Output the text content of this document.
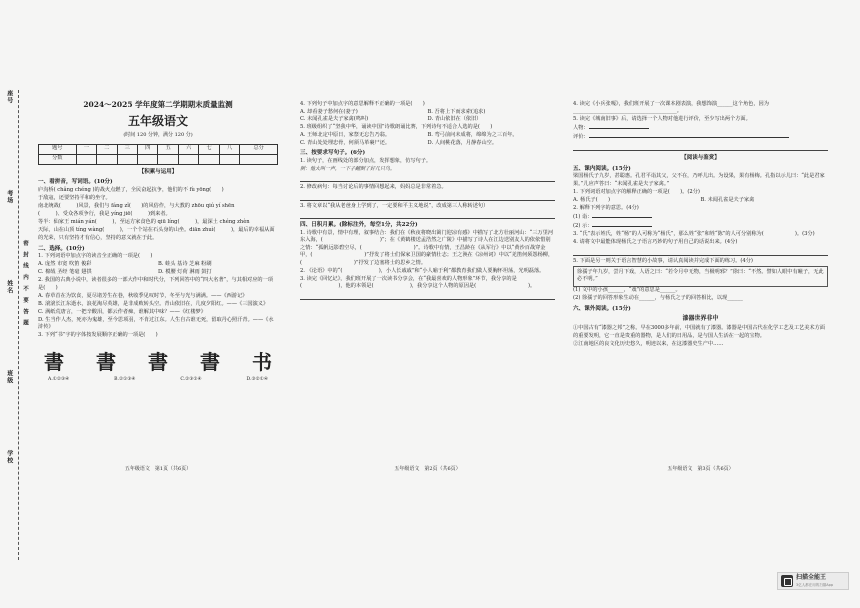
座号
考场
姓名
班级
学校
密 封 线 内 不 要 答 题
2024～2025 学年度第二学期期末质量监测
五年级语文
(时间 120 分钟，满分 120 分)
题号	一	二	三	四	五	六	七	八	总分
分数									
【积累与运用】
一、看拼音，写词语。(10分)

庐沟桥( chǎng chéng )的战火点燃了，全民奋起抗争，他们的不 fù yōng(　　)

于敌寇，还要坚持平和的坐守。

南北统战(　　　)风景，我们与 fáng zǐ(　　)的风俗作，与大教的 zhōu qiú yí shēn

(　　　)、受众各项争行，我是 yíng jiē(　　　)到来者。

等半：仙家王 mián yán(　　　)，至运方家食色的 qiū líng(　　　)，最深土 chéng zhèn

天际，山在山顶 tíng wàng(　　　)，一个个站在石头身的山坐。diān zhuì(　　　)，最后的幸福从面

的光荣，只有坚持才有信心，坚持的意义就在于此。

二、选择。(10分)

1. 下列词语中加点字的读音全正确的一项是(　　)

A. 庞然 市宽 吹笛 俊彩	B. 蛙头 基诗 芝麻 粉刷
C. 棉绒 圣经 笔毫 翅拱	D. 模腰 灯荷 淋雨 鼓打

2. 我国的古典小说中，读者很多的一部大作中和时代分，下列回答中的“四大名著”，与其相对应的一项是(　　)

A. 春草首在为饮食，夏尽诸芳生在巷，秋收季见叹时节，冬至与光与满满。——《西游记》

B. 滚滚长江东逝水，浪花淘尽英雄，是非成败转头空。青山依旧在，几度夕阳红。——《三国演义》

C. 满纸荒唐言，一把辛酸泪，都云作者痴，谁解其中味？——《红楼梦》

D. 生当作人杰，死亦为鬼雄，至今思项羽，不肯过江东。人生自古谁无死，留取丹心照汗青。——《水浒传》

3. 下列“书”字的字体按发展顺序正确的一项是(　　)

書 書 書 書 书
A.①②③④	B.②①③④	C.②③①④	D.③②①④

4. 下列句子中加点字的意思解释不正确的一项是(　　)

A. 却看妻子愁何在(妻子)	B. 吾将上下而求索(追求)
C. 未闻孔雀是夫子家禽(鸣叫)	D. 青山依旧在（依旧）

5. 班级组织了“坚我中华，诵读中国”诗歌朗诵比赛，下列诗句不适合人选的是(　　)

A. 王师北定中原日，家祭无忘告乃翁。	B. 弯弓前问未成将，绵绵为之三百年。
C. 青山处处埋忠骨，何须马革裹尸还。	D. 人间桃花落，月静春山空。
三、按要求写句子。(6分)

1. 读句子，在画线处的部分加点，发挥想象，仿写句子。

例：他大叫一声，一下子翻倒了好几只鸟。

2. 修改病句：每当讨论后的事情回想起来，妈妈总是非常着急。

3. 将文章以“我从老爸身上学到了，一定要和平主义地说”，改成第三人称转述句）

四、日积月累。(除标注外，每空1分，共22分)

1. 诗歌中有景，情中有理，叙事结合：我们在《秋夜将晓出篱门迎凉有感》中描写了北方壮丽河山：“三万里河东入海，(　　　　　　　　　　　)”；在《黄鹤楼送孟浩然之广陵》中描写了诗人在江边送别友人的依依惜别之情：“孤帆远影碧空尽，(　　　　　　　　　　)”。诗歌中有情，王昌龄在《从军行》中以“黄沙百战穿金甲，(　　　　　　　　　　)”抒发了将士们保家卫国的豪情壮志；王之涣在《凉州词》中以“羌笛何须怨杨柳，(　　　　　　　　　　)”抒发了边塞将士的思乡之情。

2. 《论语》中的“(　　　　　　　)，小人长戚戚”和“小人喻于利”都教育我们做人要胸怀坦荡，光明磊落。

3. 读完《回忆记》，我们班开展了一次读书分享会，在“我最喜欢的人物形象”环节，我分享的是(　　　　　　　)，他的本领是(　　　　　　　)，我分享这个人物的原因是(　　　　　　　　　　)。

4. 读完《小兵张嘎》，我们班开展了一次课本剧表演，我想饰演______这个角色，因为________________________________________。

5. 读完《城南旧事》后，请选择一个人物对他进行评价，至少写出两个方面。

人物：

评价：

【阅读与鉴赏】
五、课内阅读。(15分)

梁国杨氏子九岁，甚聪惠。孔君平诣其父，父不在，乃呼儿出。为设果，果有杨梅。孔指以示儿曰：“此是君家果。”儿应声答曰：“未闻孔雀是夫子家禽。”

1. 下列词语对加点字的解释正确的一项是(　　)。(2分)

A. 杨氏子(　　)	B. 未闻孔雀是夫子家禽

2. 解释下列字的意思。(4分)

(1) 诣：

(2) 示：

3. “氏”表示姓氏，姓“杨”的人可称为“杨氏”，那么姓“张”和姓“陈”的人可分别称为(　　　　　　)。(3分)

4. 请将文中最能体现杨氏之子语言巧妙的句子用自己的话说出来。(4分)

5. 下面是另一则关于语言智慧的小故事，请认真阅读并完成下面的练习。(4分)

徐孺子年九岁，尝月下戏，人语之曰：“若令月中无物，当极明邪？”徐曰：“不然。譬如人眼中有瞳子，无此必不明。”

(1) 文中的小孩______，“戏”的意思是______。

(2) 徐孺子的回答形象生动在______，与杨氏之子的回答相比，以现______

六、课外阅读。(15分)
漆器世界非中

①中国古有“漆器之邦”之称。早在3000多年前，中国就有了漆器。漆器是中国古代在化学工艺及工艺美术方面的重要发明，它一直是贵重的器物，是人们的日用品，是与国人生活在一起的宝物。

②江南地区的良文化历史悠久，明迹以来，在这漆器史生产中……

五年级语文　第1页（共6页）	五年级语文　第2页（共6页）	五年级语文　第3页（共6页）
扫描全能王
3亿人都在用的扫描App
